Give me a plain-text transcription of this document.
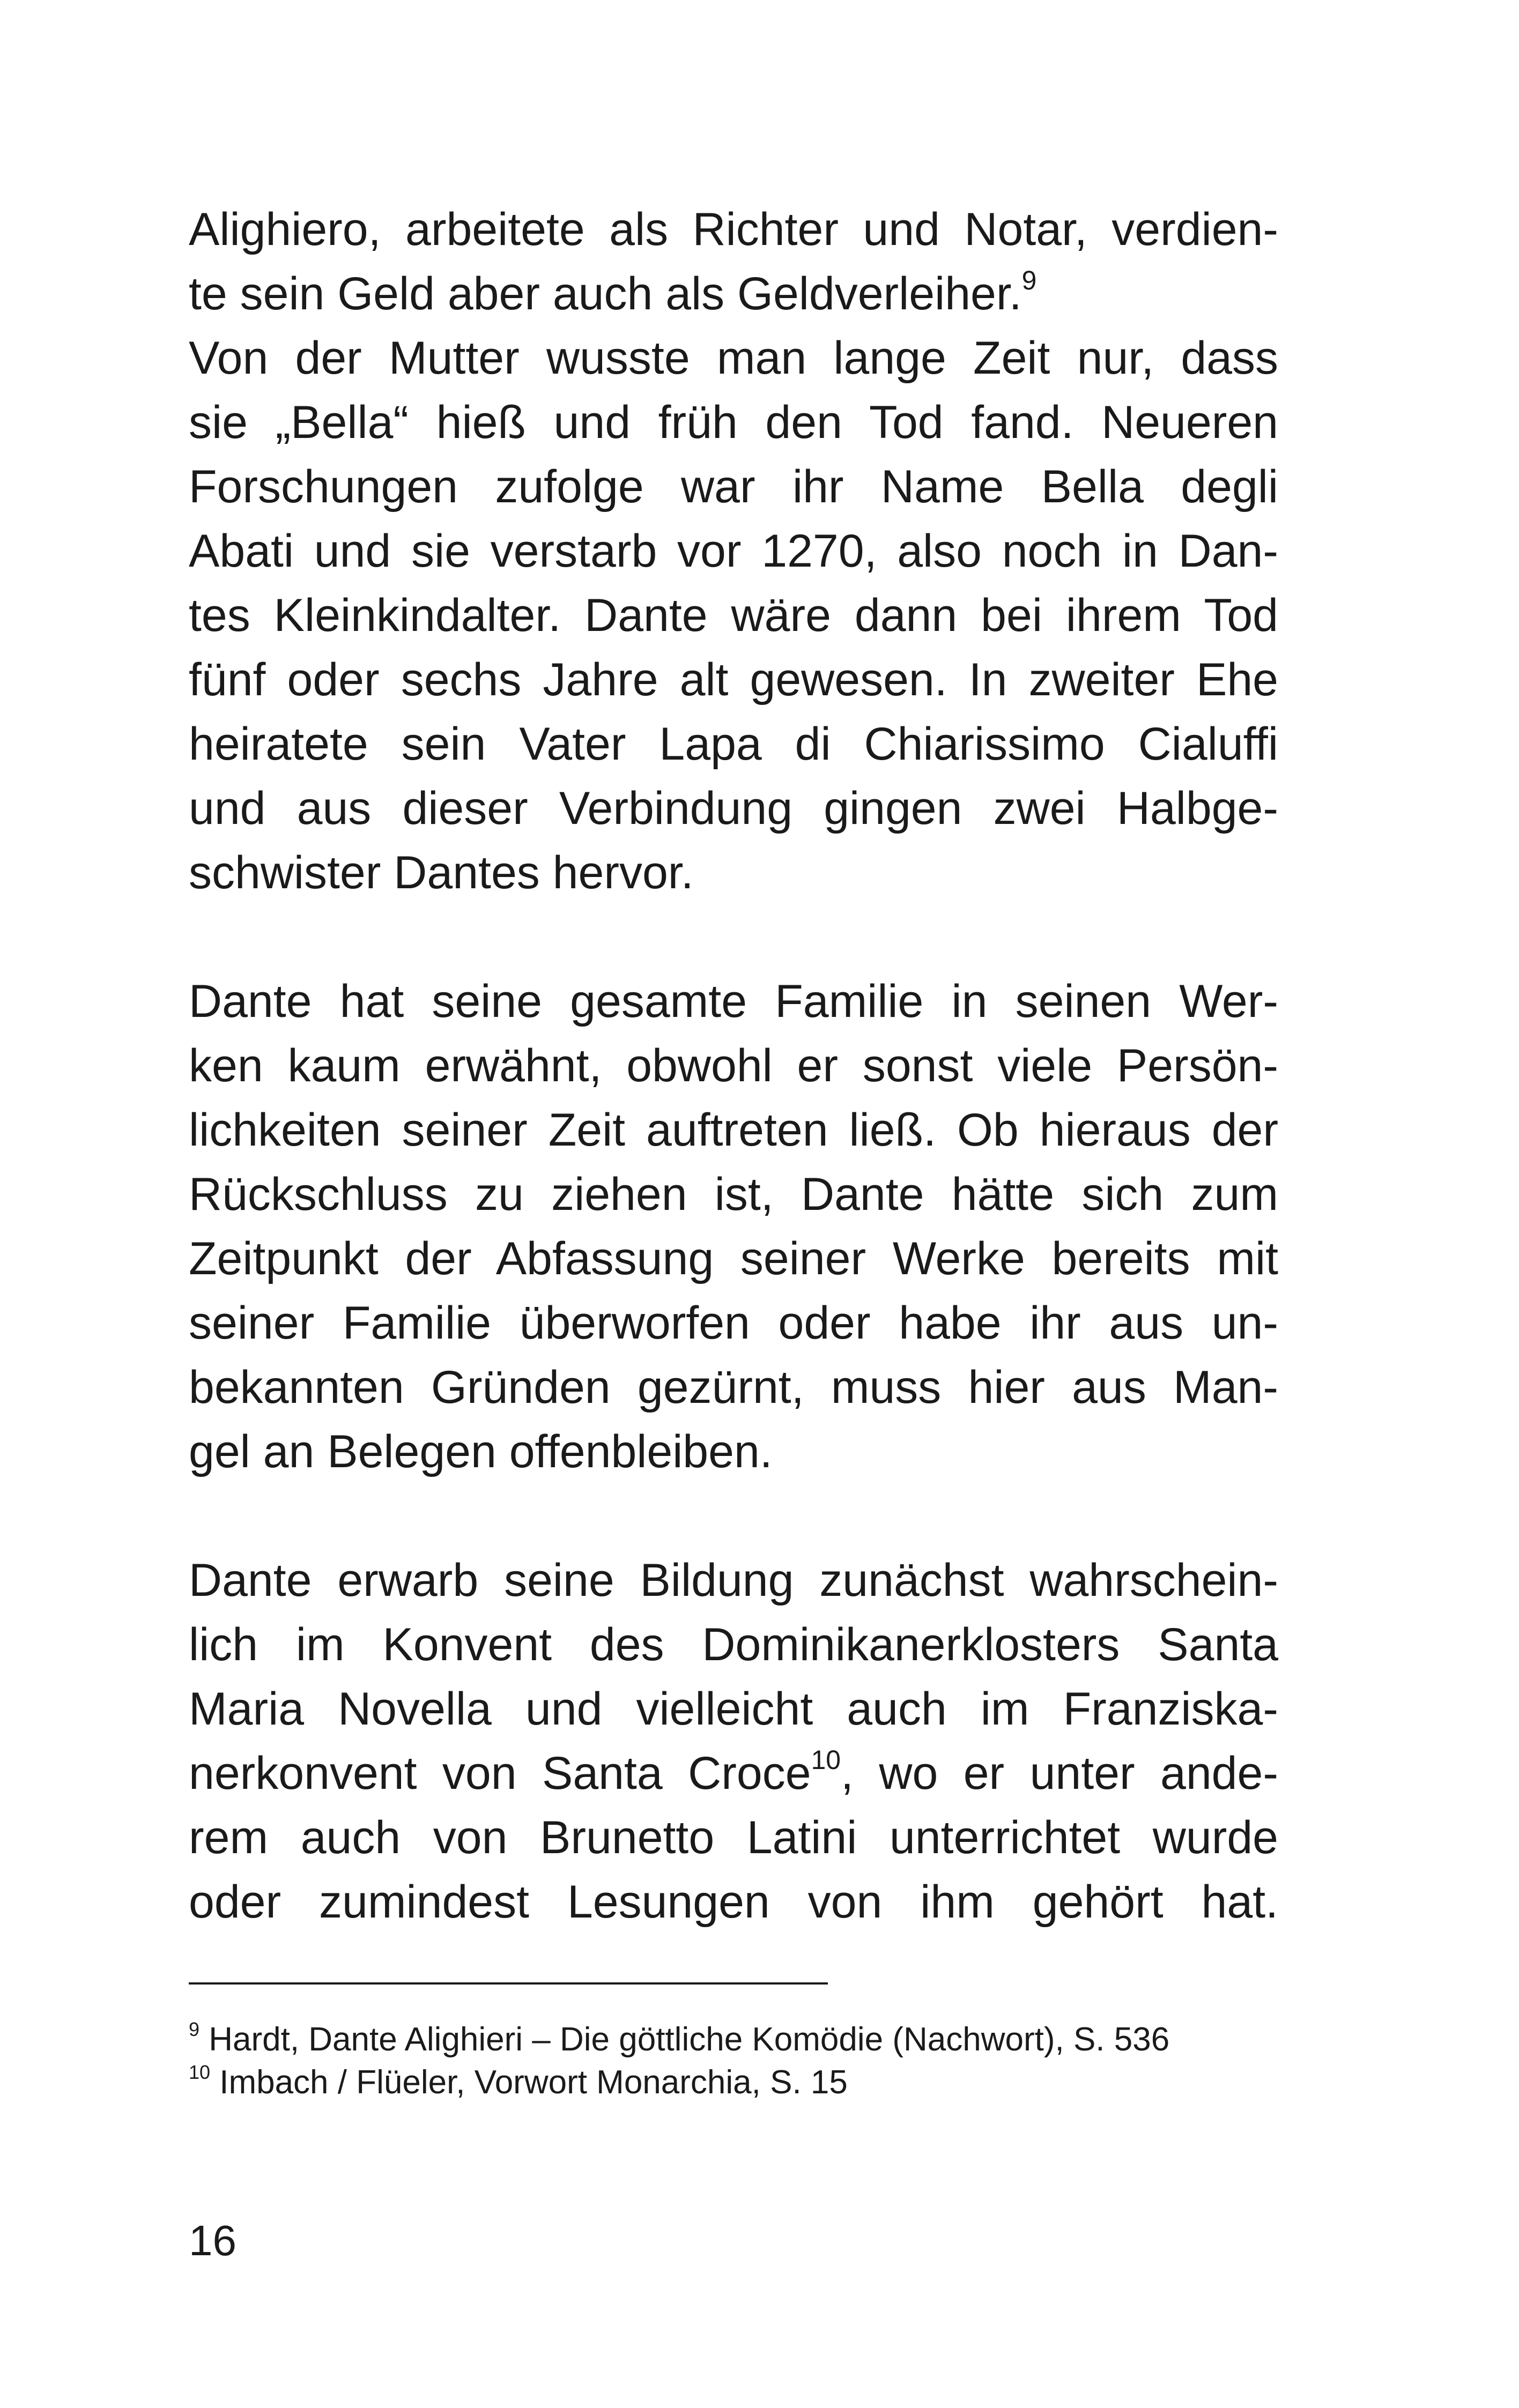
Alighiero, arbeitete als Richter und Notar, verdien-
te sein Geld aber auch als Geldverleiher.$^9$
Von der Mutter wusste man lange Zeit nur, dass
sie „Bella“ hieß und früh den Tod fand. Neueren
Forschungen zufolge war ihr Name Bella degli
Abati und sie verstarb vor 1270, also noch in Dan-
tes Kleinkindalter. Dante wäre dann bei ihrem Tod
fünf oder sechs Jahre alt gewesen. In zweiter Ehe
heiratete sein Vater Lapa di Chiarissimo Cialuffi
und aus dieser Verbindung gingen zwei Halbge-
schwister Dantes hervor.
Dante hat seine gesamte Familie in seinen Wer-
ken kaum erwähnt, obwohl er sonst viele Persön-
lichkeiten seiner Zeit auftreten ließ. Ob hieraus der
Rückschluss zu ziehen ist, Dante hätte sich zum
Zeitpunkt der Abfassung seiner Werke bereits mit
seiner Familie überworfen oder habe ihr aus un-
bekannten Gründen gezürnt, muss hier aus Man-
gel an Belegen offenbleiben.
Dante erwarb seine Bildung zunächst wahrschein-
lich im Konvent des Dominikanerklosters Santa
Maria Novella und vielleicht auch im Franziska-
nerkonvent von Santa Croce$^{10}$, wo er unter ande-
rem auch von Brunetto Latini unterrichtet wurde
oder zumindest Lesungen von ihm gehört hat.
$^9$ Hardt, Dante Alighieri – Die göttliche Komödie (Nachwort), S. 536
$^{10}$ Imbach / Flüeler, Vorwort Monarchia, S. 15
16
